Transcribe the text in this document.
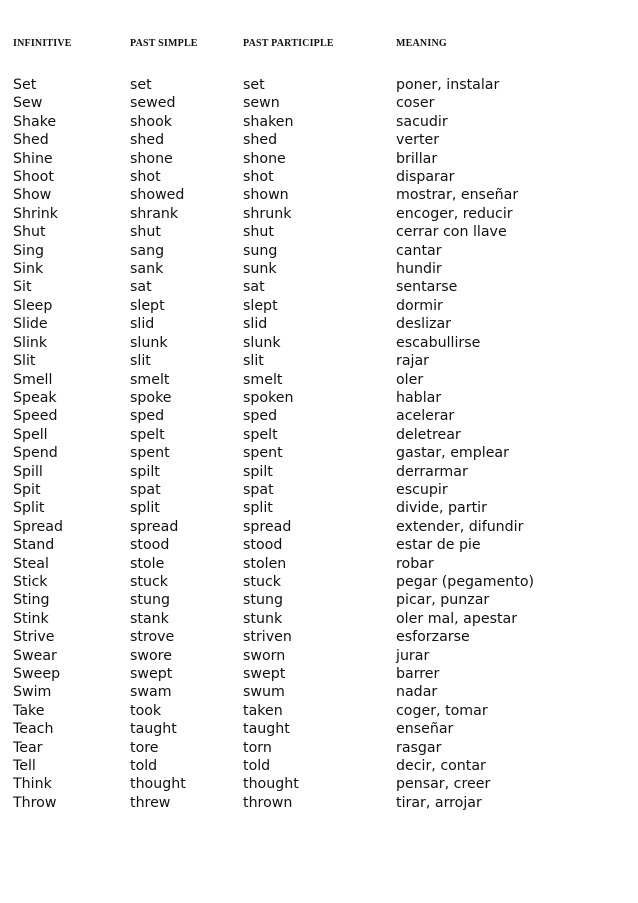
INFINITIVE	PAST SIMPLE	PAST PARTICIPLE	MEANING
Set	set	set	poner, instalar
Sew	sewed	sewn	coser
Shake	shook	shaken	sacudir
Shed	shed	shed	verter
Shine	shone	shone	brillar
Shoot	shot	shot	disparar
Show	showed	shown	mostrar, enseñar
Shrink	shrank	shrunk	encoger, reducir
Shut	shut	shut	cerrar con llave
Sing	sang	sung	cantar
Sink	sank	sunk	hundir
Sit	sat	sat	sentarse
Sleep	slept	slept	dormir
Slide	slid	slid	deslizar
Slink	slunk	slunk	escabullirse
Slit	slit	slit	rajar
Smell	smelt	smelt	oler
Speak	spoke	spoken	hablar
Speed	sped	sped	acelerar
Spell	spelt	spelt	deletrear
Spend	spent	spent	gastar, emplear
Spill	spilt	spilt	derrarmar
Spit	spat	spat	escupir
Split	split	split	divide, partir
Spread	spread	spread	extender, difundir
Stand	stood	stood	estar de pie
Steal	stole	stolen	robar
Stick	stuck	stuck	pegar (pegamento)
Sting	stung	stung	picar, punzar
Stink	stank	stunk	oler mal, apestar
Strive	strove	striven	esforzarse
Swear	swore	sworn	jurar
Sweep	swept	swept	barrer
Swim	swam	swum	nadar
Take	took	taken	coger, tomar
Teach	taught	taught	enseñar
Tear	tore	torn	rasgar
Tell	told	told	decir, contar
Think	thought	thought	pensar, creer
Throw	threw	thrown	tirar, arrojar
